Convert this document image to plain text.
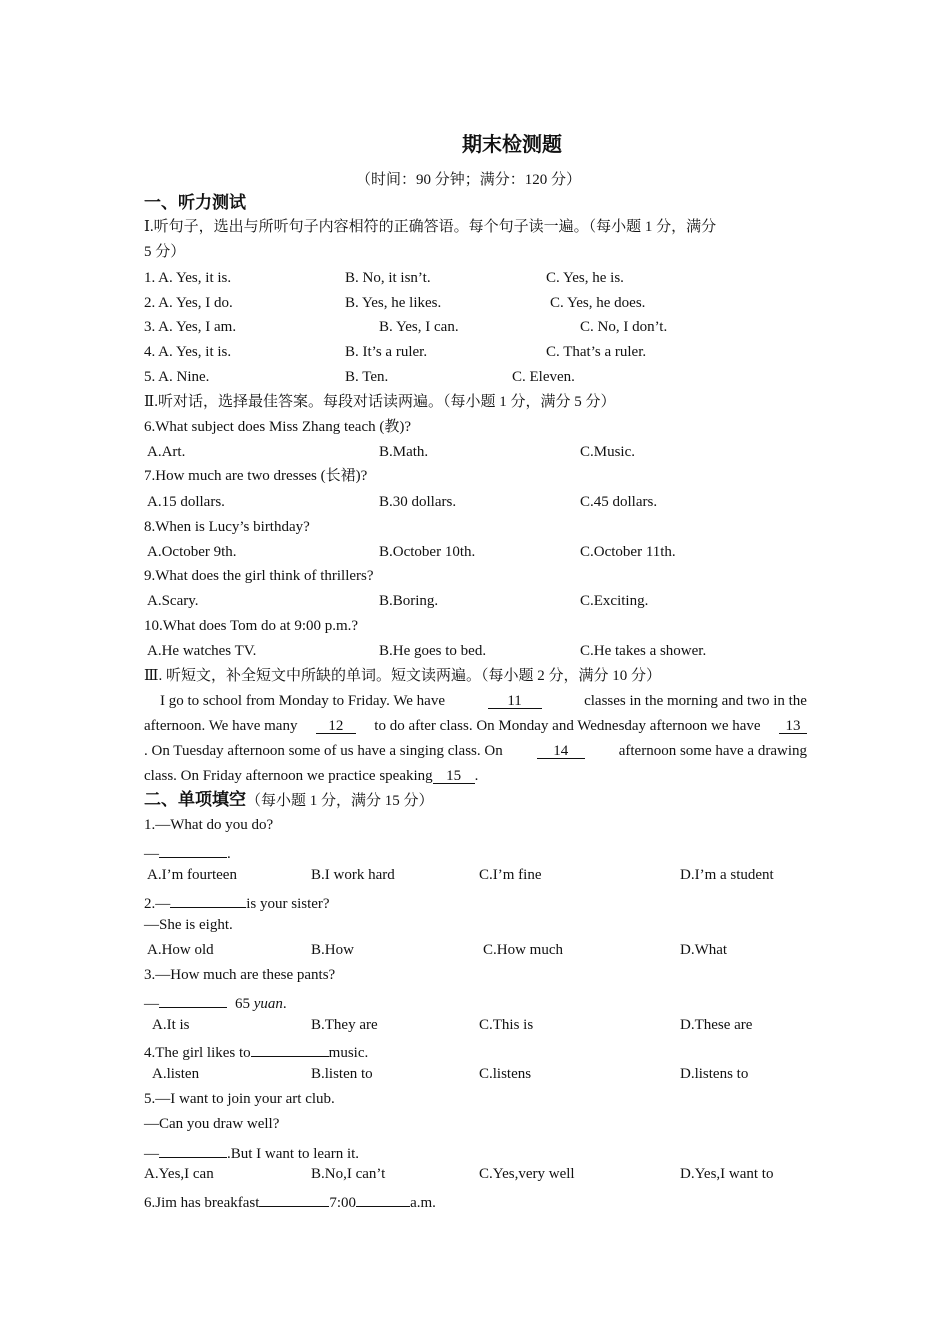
期末检测题
（时间：90 分钟；满分：120 分）
一、听力测试
Ⅰ.听句子，选出与所听句子内容相符的正确答语。每个句子读一遍。（每小题 1 分，满分
5 分）
1. A. Yes, it is.	B. No, it isn’t.	C. Yes, he is.
2. A. Yes, I do.	B. Yes, he likes.	C. Yes, he does.
3. A. Yes, I am.	B. Yes, I can.	C. No, I don’t.
4. A. Yes, it is.	B. It’s a ruler.	C. That’s a ruler.
5. A. Nine.	B. Ten.	C. Eleven.
Ⅱ.听对话，选择最佳答案。每段对话读两遍。（每小题 1 分，满分 5 分）
6.What subject does Miss Zhang teach (教)?
A.Art.	B.Math.	C.Music.
7.How much are two dresses (长裙)?
A.15 dollars.	B.30 dollars.	C.45 dollars.
8.When is Lucy’s birthday?
A.October 9th.	B.October 10th.	C.October 11th.
9.What does the girl think of thrillers?
A.Scary.	B.Boring.	C.Exciting.
10.What does Tom do at 9:00 p.m.?
A.He watches TV.	B.He goes to bed.	C.He takes a shower.
Ⅲ. 听短文，补全短文中所缺的单词。短文读两遍。（每小题 2 分，满分 10 分）
I go to school from Monday to Friday. We have	11	classes in the morning and two in the
afternoon. We have many	12	to do after class. On Monday and Wednesday afternoon we have	13
. On Tuesday afternoon some of us have a singing class. On	14	afternoon some have a drawing
class. On Friday afternoon we practice speaking 15 .
二、单项填空（每小题 1 分，满分 15 分）
1.—What do you do?
—	.
A.I’m fourteen	B.I work hard	C.I’m fine	D.I’m a student
2.—	is your sister?
—She is eight.
A.How old	B.How	C.How much	D.What
3.—How much are these pants?
—	65 yuan.
A.It is	B.They are	C.This is	D.These are
4.The girl likes to	music.
A.listen	B.listen to	C.listens	D.listens to
5.—I want to join your art club.
—Can you draw well?
—	.But I want to learn it.
A.Yes,I can	B.No,I can’t	C.Yes,very well	D.Yes,I want to
6.Jim has breakfast	7:00	a.m.
